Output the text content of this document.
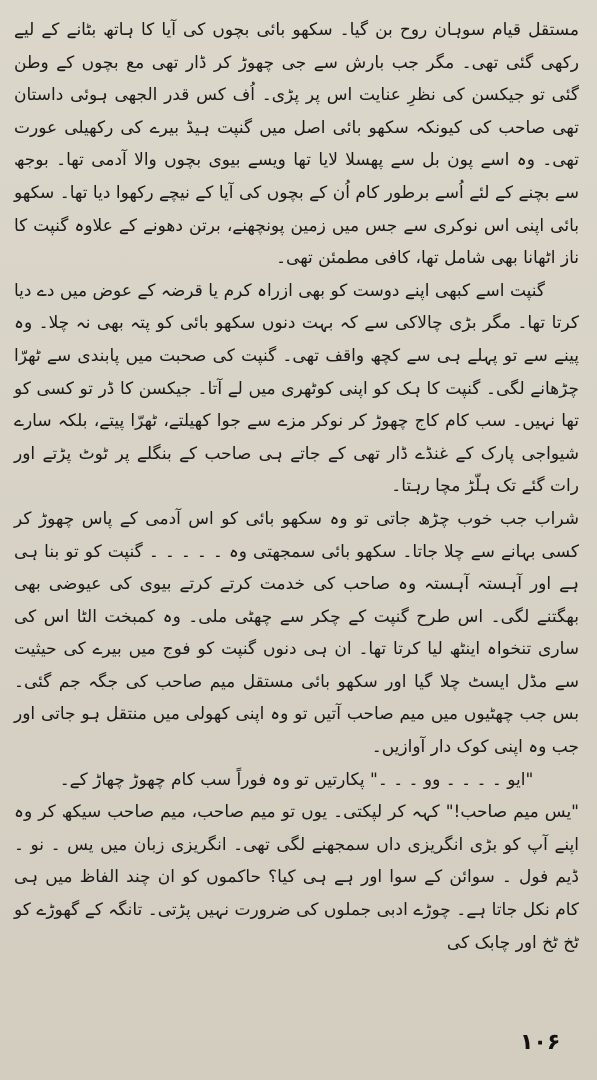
مستقل قیام سوہان روح بن گیا۔ سکھو بائی بچوں کی آیا کا ہاتھ بٹانے کے لیے رکھی گئی تھی۔ مگر جب بارش سے جی چھوڑ کر ڈار تھی مع بچوں کے وطن گئی تو جیکسن کی نظرِ عنایت اس پر پڑی۔ اُف کس قدر الجھی ہوئی داستان تھی صاحب کی کیونکہ سکھو بائی اصل میں گنپت ہیڈ بیرے کی رکھیلی عورت تھی۔ وہ اسے پون بل سے پھسلا لایا تھا ویسے بیوی بچوں والا آدمی تھا۔ بوجھ سے بچنے کے لئے اُسے برطور کام اُن کے بچوں کی آیا کے نیچے رکھوا دیا تھا۔ سکھو بائی اپنی اس نوکری سے جس میں زمین پونچھنے، برتن دھونے کے علاوہ گنپت کا ناز اٹھانا بھی شامل تھا، کافی مطمئن تھی۔

گنپت اسے کبھی اپنے دوست کو بھی ازراہ کرم یا قرضہ کے عوض میں دے دیا کرتا تھا۔ مگر بڑی چالاکی سے کہ بہت دنوں سکھو بائی کو پتہ بھی نہ چلا۔ وہ پینے سے تو پہلے ہی سے کچھ واقف تھی۔ گنپت کی صحبت میں پابندی سے ٹھرّا چڑھانے لگی۔ گنپت کا ہک کو اپنی کوٹھری میں لے آتا۔ جیکسن کا ڈر تو کسی کو تھا نہیں۔ سب کام کاج چھوڑ کر نوکر مزے سے جوا کھیلتے، ٹھرّا پیتے، بلکہ سارے شیواجی پارک کے غنڈے ڈار تھی کے جاتے ہی صاحب کے بنگلے پر ٹوٹ پڑتے اور رات گئے تک ہلّڑ مچا رہتا۔

شراب جب خوب چڑھ جاتی تو وہ سکھو بائی کو اس آدمی کے پاس چھوڑ کر کسی بہانے سے چلا جاتا۔ سکھو بائی سمجھتی وہ ۔ ۔ ۔ ۔ ۔ گنپت کو تو بنا ہی ہے اور آہستہ آہستہ وہ صاحب کی خدمت کرتے کرتے بیوی کی عیوضی بھی بھگتنے لگی۔ اس طرح گنپت کے چکر سے چھٹی ملی۔ وہ کمبخت الٹا اس کی ساری تنخواہ اینٹھ لیا کرتا تھا۔ ان ہی دنوں گنپت کو فوج میں بیرے کی حیثیت سے مڈل ایسٹ چلا گیا اور سکھو بائی مستقل میم صاحب کی جگہ جم گئی۔ بس جب چھٹیوں میں میم صاحب آتیں تو وہ اپنی کھولی میں منتقل ہو جاتی اور جب وہ اپنی کوک دار آوازیں۔

"ایو ۔ ۔ ۔ ۔ وو ۔ ۔ ۔" پکارتیں تو وہ فوراً سب کام چھوڑ چھاڑ کے۔

"یس میم صاحب!" کہہ کر لپکتی۔ یوں تو میم صاحب، میم صاحب سیکھ کر وہ اپنے آپ کو بڑی انگریزی داں سمجھنے لگی تھی۔ انگریزی زبان میں یس ۔ نو ۔ ڈیم فول ۔ سوائن کے سوا اور ہے ہی کیا؟ حاکموں کو ان چند الفاظ میں ہی کام نکل جاتا ہے۔ چوڑے ادبی جملوں کی ضرورت نہیں پڑتی۔ تانگہ کے گھوڑے کو ٹخ ٹخ اور چابک کی

۱۰۶
